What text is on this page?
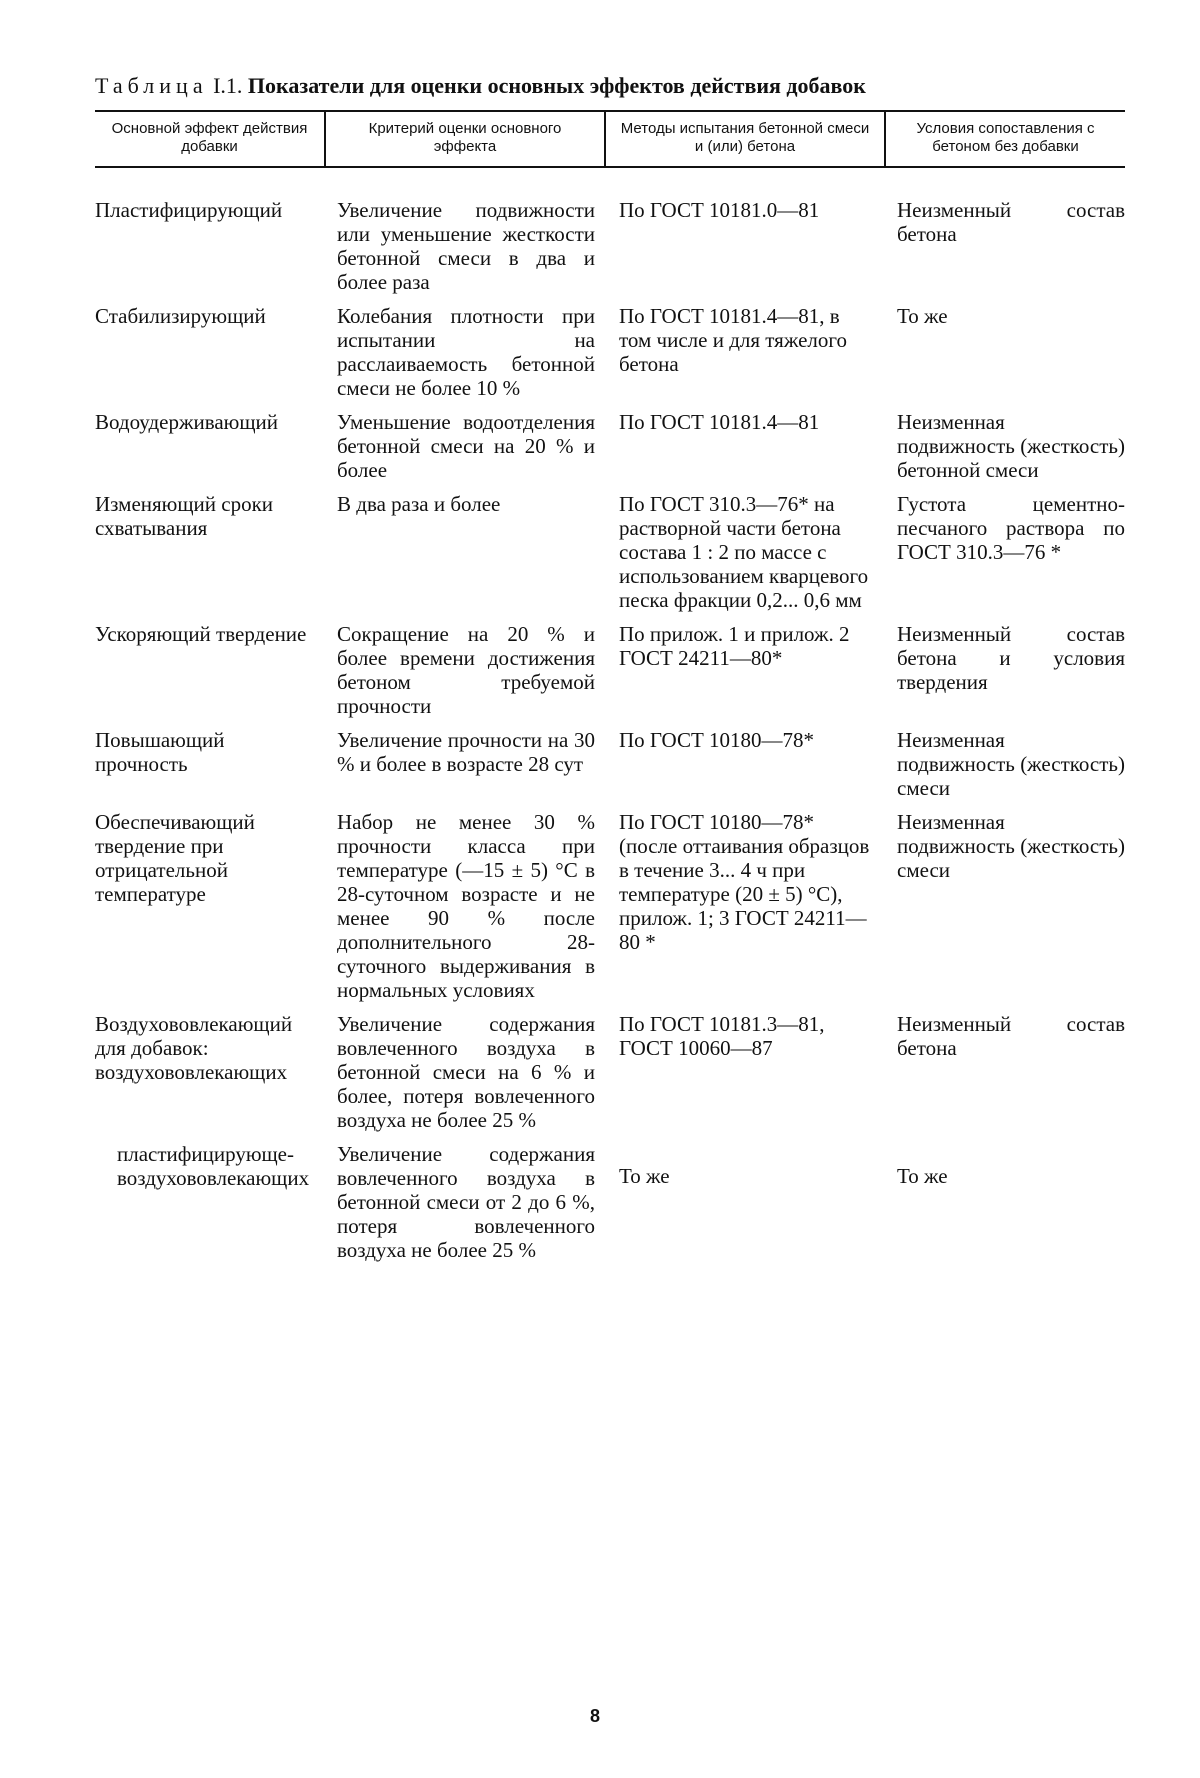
Таблица I.1. Показатели для оценки основных эффектов действия добавок
Основной эффект действия добавки	Критерий оценки основного эффекта	Методы испытания бетонной смеси и (или) бетона	Условия сопоставления с бетоном без добавки
Пластифицирующий	Увеличение подвижности или уменьшение жесткости бетонной смеси в два и более раза	По ГОСТ 10181.0—81	Неизменный состав бетона
Стабилизирующий	Колебания плотности при испытании на расслаиваемость бетонной смеси не более 10 %	По ГОСТ 10181.4—81, в том числе и для тяжелого бетона	То же
Водоудерживающий	Уменьшение водоотделения бетонной смеси на 20 % и более	По ГОСТ 10181.4—81	Неизменная подвижность (жесткость) бетонной смеси
Изменяющий сроки схватывания	В два раза и более	По ГОСТ 310.3—76* на растворной части бетона состава 1 : 2 по массе с использованием кварцевого песка фракции 0,2... 0,6 мм	Густота цементно-песчаного раствора по ГОСТ 310.3—76 *
Ускоряющий твердение	Сокращение на 20 % и более времени достижения бетоном требуемой прочности	По прилож. 1 и прилож. 2 ГОСТ 24211—80*	Неизменный состав бетона и условия твердения
Повышающий прочность	Увеличение прочности на 30 % и более в возрасте 28 сут	По ГОСТ 10180—78*	Неизменная подвижность (жесткость) смеси
Обеспечивающий твердение при отрицательной температуре	Набор не менее 30 % прочности класса при температуре (—15 ± 5) °С в 28-суточном возрасте и не менее 90 % после дополнительного 28-суточного выдерживания в нормальных условиях	По ГОСТ 10180—78* (после оттаивания образцов в течение 3... 4 ч при температуре (20 ± 5) °С), прилож. 1; 3 ГОСТ 24211—80 *	Неизменная подвижность (жесткость) смеси
Воздухововлекающий для добавок: воздухововлекающих	Увеличение содержания вовлеченного воздуха в бетонной смеси на 6 % и более, потеря вовлеченного воздуха не более 25 %	По ГОСТ 10181.3—81, ГОСТ 10060—87	Неизменный состав бетона
пластифицирующе-воздухововлекающих	Увеличение содержания вовлеченного воздуха в бетонной смеси от 2 до 6 %, потеря вовлеченного воздуха не более 25 %	То же	То же
8
